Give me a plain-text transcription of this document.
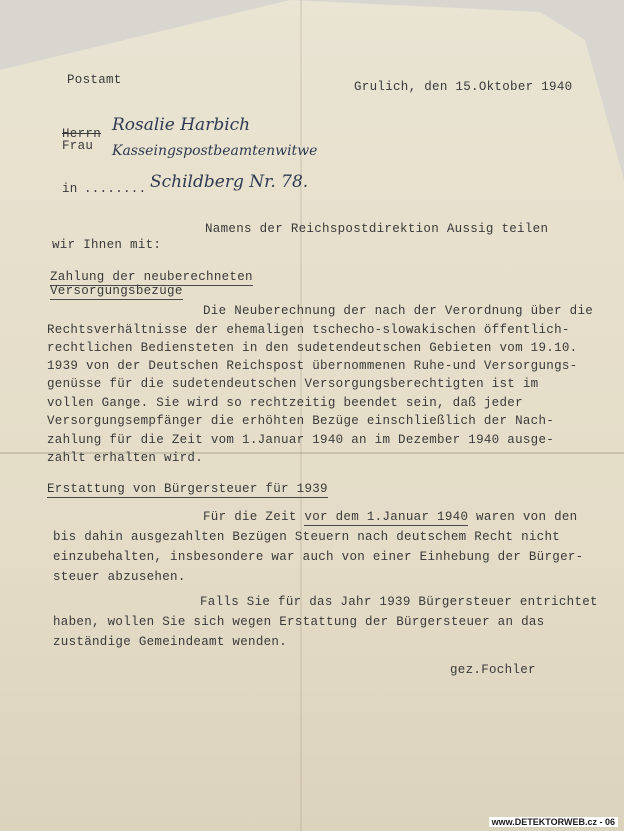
Postamt	Grulich, den 15.Oktober 1940

Herrn

Frau

Rosalie Harbich

Kasseingspostbeamtenwitwe

in ........ Schildberg Nr. 78.

Namens der Reichspostdirektion Aussig teilen

wir Ihnen mit:

Zahlung der neuberechneten

Versorgungsbezüge

Die Neuberechnung der nach der Verordnung über die

Rechtsverhältnisse der ehemaligen tschecho-slowakischen öffentlich-

rechtlichen Bediensteten in den sudetendeutschen Gebieten vom 19.10.

1939 von der Deutschen Reichspost übernommenen Ruhe-und Versorgungs-

genüsse für die sudetendeutschen Versorgungsberechtigten ist im

vollen Gange. Sie wird so rechtzeitig beendet sein, daß jeder

Versorgungsempfänger die erhöhten Bezüge einschließlich der Nach-

zahlung für die Zeit vom 1.Januar 1940 an im Dezember 1940 ausge-

zahlt erhalten wird.

Erstattung von Bürgersteuer für 1939

Für die Zeit vor dem 1.Januar 1940 waren von den

bis dahin ausgezahlten Bezügen Steuern nach deutschem Recht nicht

einzubehalten, insbesondere war auch von einer Einhebung der Bürger-

steuer abzusehen.

Falls Sie für das Jahr 1939 Bürgersteuer entrichtet

haben, wollen Sie sich wegen Erstattung der Bürgersteuer an das

zuständige Gemeindeamt wenden.

gez.Fochler

www.DETEKTORWEB.cz - 06
